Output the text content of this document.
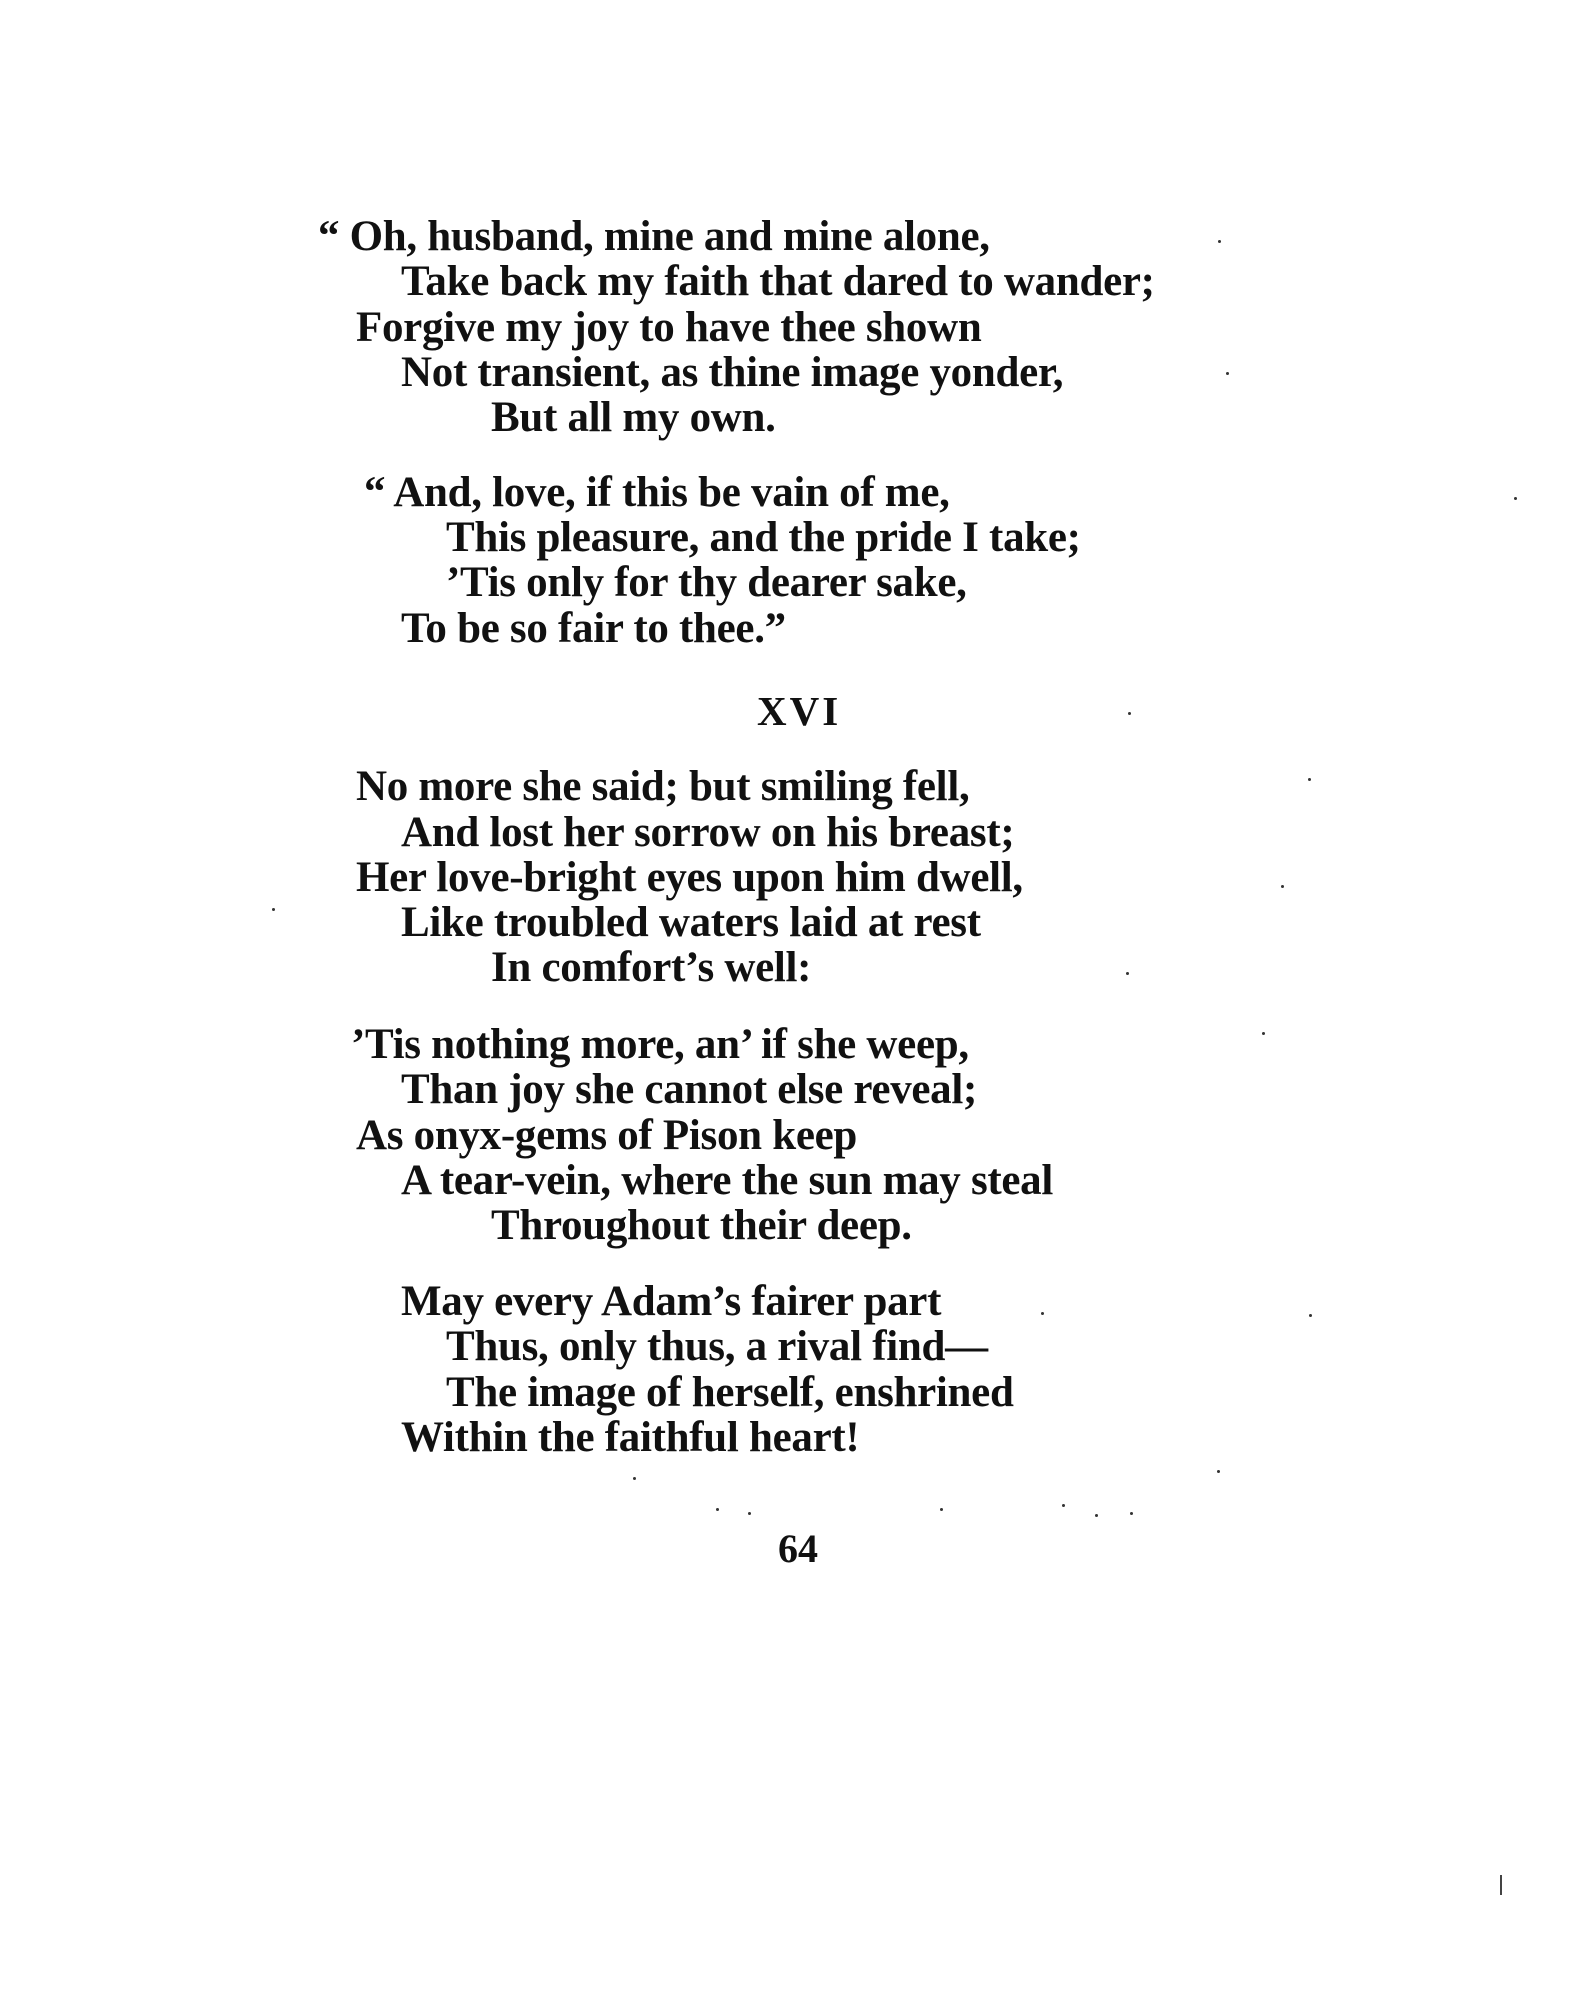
“ Oh, husband, mine and mine alone,
Take back my faith that dared to wander;
Forgive my joy to have thee shown
Not transient, as thine image yonder,
But all my own.
“ And, love, if this be vain of me,
This pleasure, and the pride I take;
’Tis only for thy dearer sake,
To be so fair to thee.”
XVI
No more she said; but smiling fell,
And lost her sorrow on his breast;
Her love-bright eyes upon him dwell,
Like troubled waters laid at rest
In comfort’s well:
’Tis nothing more, an’ if she weep,
Than joy she cannot else reveal;
As onyx-gems of Pison keep
A tear-vein, where the sun may steal
Throughout their deep.
May every Adam’s fairer part
Thus, only thus, a rival find—
The image of herself, enshrined
Within the faithful heart!
64
